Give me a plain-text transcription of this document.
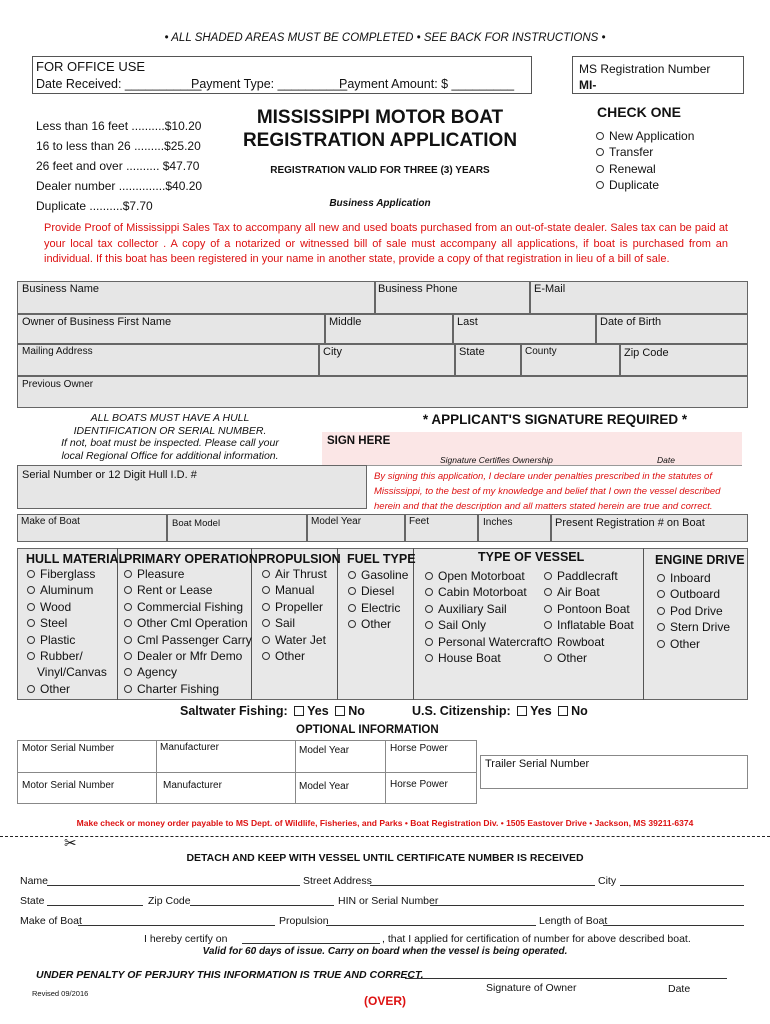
• ALL SHADED AREAS MUST BE COMPLETED • SEE BACK FOR INSTRUCTIONS •
FOR OFFICE USE
Date Received: ___________
Payment Type: __________
Payment Amount: $ _________
MS Registration Number
MI-
Less than 16 feet ..........$10.20
16 to less than 26 .........$25.20
26 feet and over .......... $47.70
Dealer number ..............$40.20
Duplicate ..........$7.70
MISSISSIPPI MOTOR BOAT
REGISTRATION APPLICATION
REGISTRATION VALID FOR THREE (3) YEARS
Business Application
CHECK ONE
New Application
Transfer
Renewal
Duplicate
Provide Proof of Mississippi Sales Tax to accompany all new and used boats purchased from an out-of-state dealer. Sales tax can be paid at your local tax collector . A copy of a notarized or witnessed bill of sale must accompany all applications, if boat is purchased from an individual. If this boat has been registered in your name in another state, provide a copy of that registration in lieu of a bill of sale.
Business Name	Business Phone	E-Mail
Owner of Business First Name	Middle	Last	Date of Birth
Mailing Address	City	State	County	Zip Code
Previous Owner
ALL BOATS MUST HAVE A HULL
IDENTIFICATION OR SERIAL NUMBER.
If not, boat must be inspected. Please call your
local Regional Office for additional information.
* APPLICANT'S SIGNATURE REQUIRED *
SIGN HERE
Signature Certifies Ownership	Date
By signing this application, I declare under penalties prescribed in the statutes of Mississippi, to the best of my knowledge and belief that I own the vessel described herein and that the description and all matters stated herein are true and correct.
Serial Number or 12 Digit Hull I.D. #
Make of Boat	Boat Model	Model Year	Feet	Inches	Present Registration # on Boat
HULL MATERIAL
Fiberglass
Aluminum
Wood
Steel
Plastic
Rubber/
Vinyl/Canvas
Other
PRIMARY OPERATION
Pleasure
Rent or Lease
Commercial Fishing
Other Cml Operation
Cml Passenger Carry
Dealer or Mfr Demo
Agency
Charter Fishing
PROPULSION
Air Thrust
Manual
Propeller
Sail
Water Jet
Other
FUEL TYPE
Gasoline
Diesel
Electric
Other
TYPE OF VESSEL
Open Motorboat
Cabin Motorboat
Auxiliary Sail
Sail Only
Personal Watercraft
House Boat
Paddlecraft
Air Boat
Pontoon Boat
Inflatable Boat
Rowboat
Other
ENGINE DRIVE
Inboard
Outboard
Pod Drive
Stern Drive
Other
Saltwater Fishing: Yes No	U.S. Citizenship: Yes No
OPTIONAL INFORMATION
Motor Serial Number	Manufacturer	Model Year	Horse Power
Motor Serial Number	Manufacturer	Model Year	Horse Power
Trailer Serial Number
Make check or money order payable to MS Dept. of Wildlife, Fisheries, and Parks • Boat Registration Div. • 1505 Eastover Drive • Jackson, MS 39211-6374
✂
DETACH AND KEEP WITH VESSEL UNTIL CERTIFICATE NUMBER IS RECEIVED
Name	Street Address	City
State	Zip Code	HIN or Serial Number
Make of Boat	Propulsion	Length of Boat
I hereby certify on	, that I applied for certification of number for above described boat.
Valid for 60 days of issue. Carry on board when the vessel is being operated.
UNDER PENALTY OF PERJURY THIS INFORMATION IS TRUE AND CORRECT.
Signature of Owner	Date
Revised 09/2016
(OVER)
